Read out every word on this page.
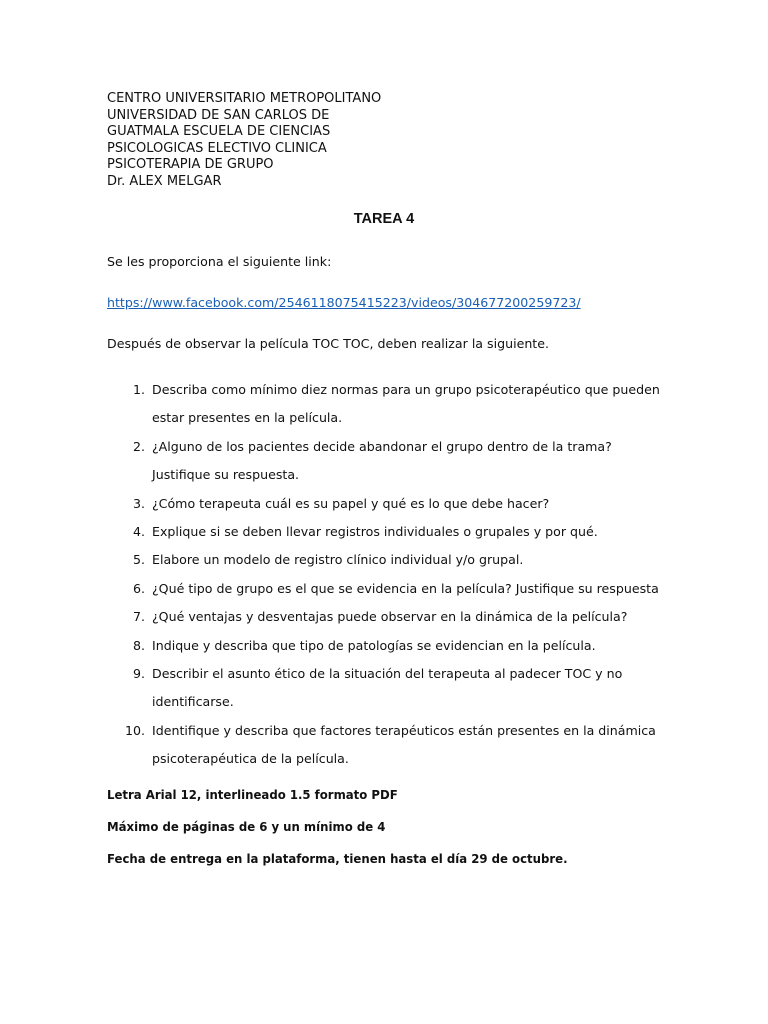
CENTRO UNIVERSITARIO METROPOLITANO
UNIVERSIDAD DE SAN CARLOS DE
GUATMALA ESCUELA DE CIENCIAS
PSICOLOGICAS ELECTIVO CLINICA
PSICOTERAPIA DE GRUPO
Dr. ALEX MELGAR
TAREA 4
Se les proporciona el siguiente link:
https://www.facebook.com/2546118075415223/videos/304677200259723/
Después de observar la película TOC TOC, deben realizar la siguiente.
1. Describa como mínimo diez normas para un grupo psicoterapéutico que pueden
estar presentes en la película.
2. ¿Alguno de los pacientes decide abandonar el grupo dentro de la trama?
Justifique su respuesta.
3. ¿Cómo terapeuta cuál es su papel y qué es lo que debe hacer?
4. Explique si se deben llevar registros individuales o grupales y por qué.
5. Elabore un modelo de registro clínico individual y/o grupal.
6. ¿Qué tipo de grupo es el que se evidencia en la película? Justifique su respuesta
7. ¿Qué ventajas y desventajas puede observar en la dinámica de la película?
8. Indique y describa que tipo de patologías se evidencian en la película.
9. Describir el asunto ético de la situación del terapeuta al padecer TOC y no
identificarse.
10. Identifique y describa que factores terapéuticos están presentes en la dinámica
psicoterapéutica de la película.
Letra Arial 12, interlineado 1.5 formato PDF
Máximo de páginas de 6 y un mínimo de 4
Fecha de entrega en la plataforma, tienen hasta el día 29 de octubre.
